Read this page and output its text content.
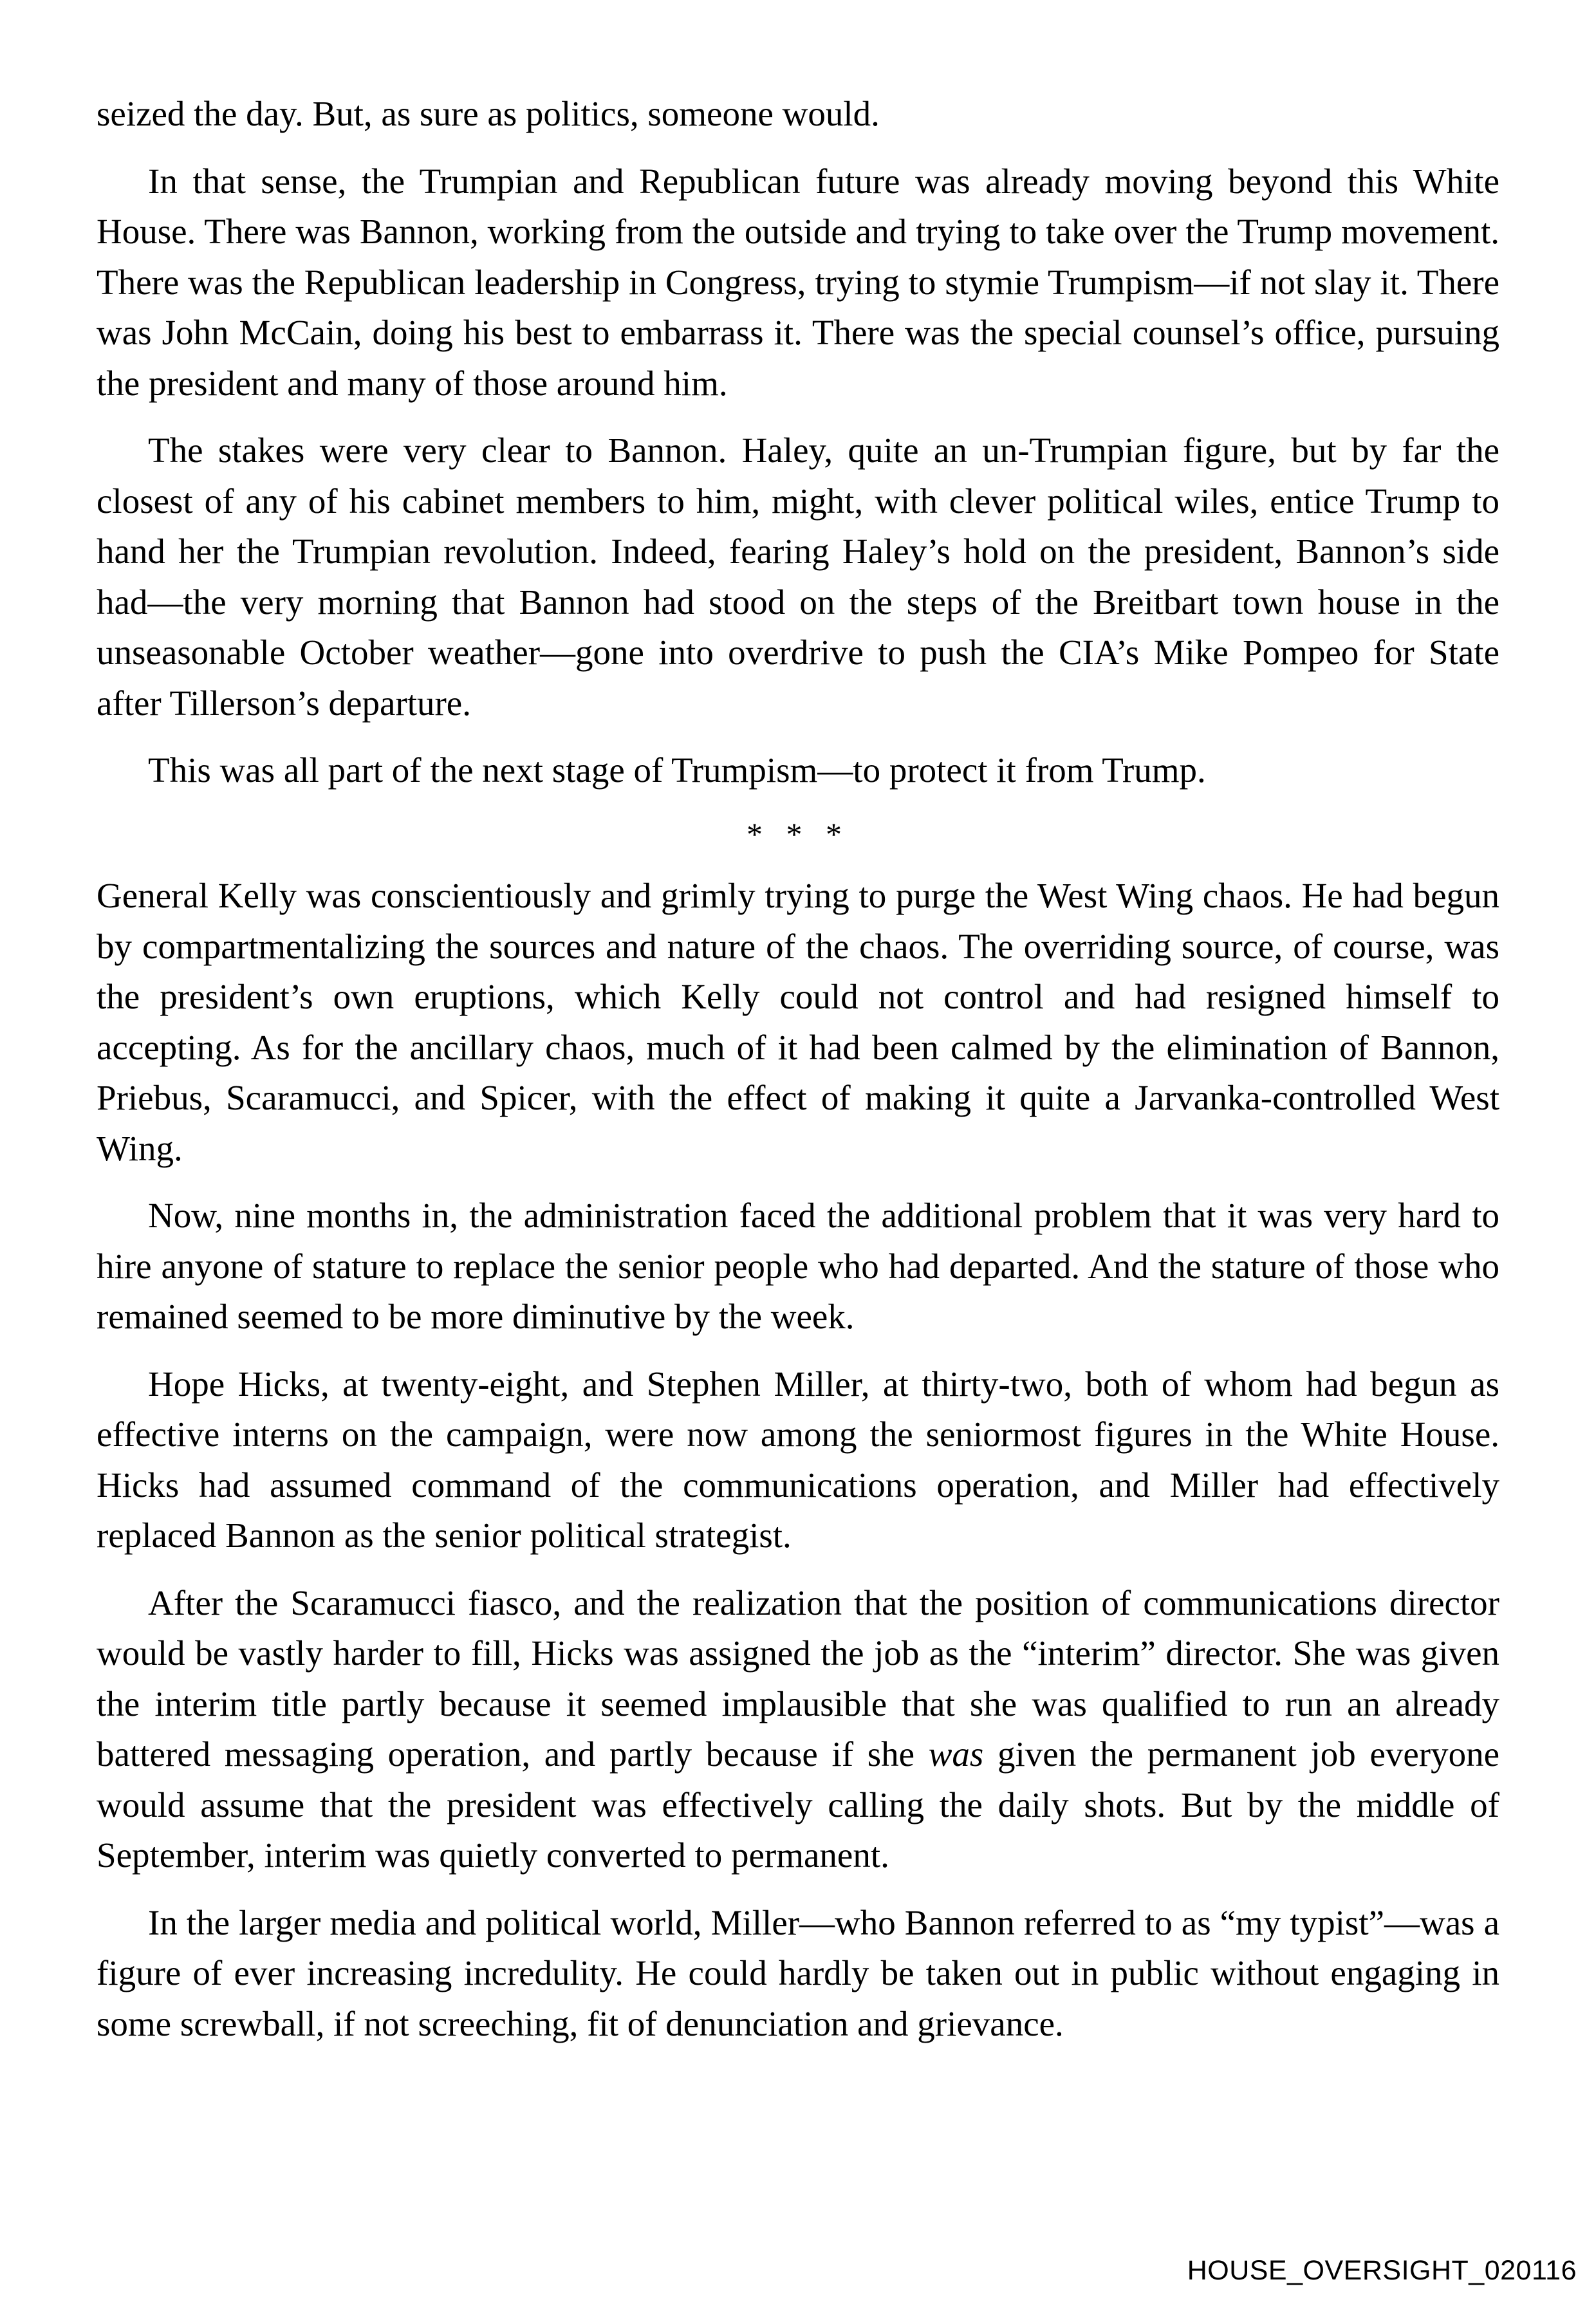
seized the day. But, as sure as politics, someone would.

In that sense, the Trumpian and Republican future was already moving beyond this White House. There was Bannon, working from the outside and trying to take over the Trump movement. There was the Republican leadership in Congress, trying to stymie Trumpism—if not slay it. There was John McCain, doing his best to embarrass it. There was the special counsel’s office, pursuing the president and many of those around him.

The stakes were very clear to Bannon. Haley, quite an un-Trumpian figure, but by far the closest of any of his cabinet members to him, might, with clever political wiles, entice Trump to hand her the Trumpian revolution. Indeed, fearing Haley’s hold on the president, Bannon’s side had—the very morning that Bannon had stood on the steps of the Breitbart town house in the unseasonable October weather—gone into overdrive to push the CIA’s Mike Pompeo for State after Tillerson’s departure.

This was all part of the next stage of Trumpism—to protect it from Trump.

* * *

General Kelly was conscientiously and grimly trying to purge the West Wing chaos. He had begun by compartmentalizing the sources and nature of the chaos. The overriding source, of course, was the president’s own eruptions, which Kelly could not control and had resigned himself to accepting. As for the ancillary chaos, much of it had been calmed by the elimination of Bannon, Priebus, Scaramucci, and Spicer, with the effect of making it quite a Jarvanka-controlled West Wing.

Now, nine months in, the administration faced the additional problem that it was very hard to hire anyone of stature to replace the senior people who had departed. And the stature of those who remained seemed to be more diminutive by the week.

Hope Hicks, at twenty-eight, and Stephen Miller, at thirty-two, both of whom had begun as effective interns on the campaign, were now among the seniormost figures in the White House. Hicks had assumed command of the communications operation, and Miller had effectively replaced Bannon as the senior political strategist.

After the Scaramucci fiasco, and the realization that the position of communications director would be vastly harder to fill, Hicks was assigned the job as the “interim” director. She was given the interim title partly because it seemed implausible that she was qualified to run an already battered messaging operation, and partly because if she was given the permanent job everyone would assume that the president was effectively calling the daily shots. But by the middle of September, interim was quietly converted to permanent.

In the larger media and political world, Miller—who Bannon referred to as “my typist”—was a figure of ever increasing incredulity. He could hardly be taken out in public without engaging in some screwball, if not screeching, fit of denunciation and grievance.

HOUSE_OVERSIGHT_020116
